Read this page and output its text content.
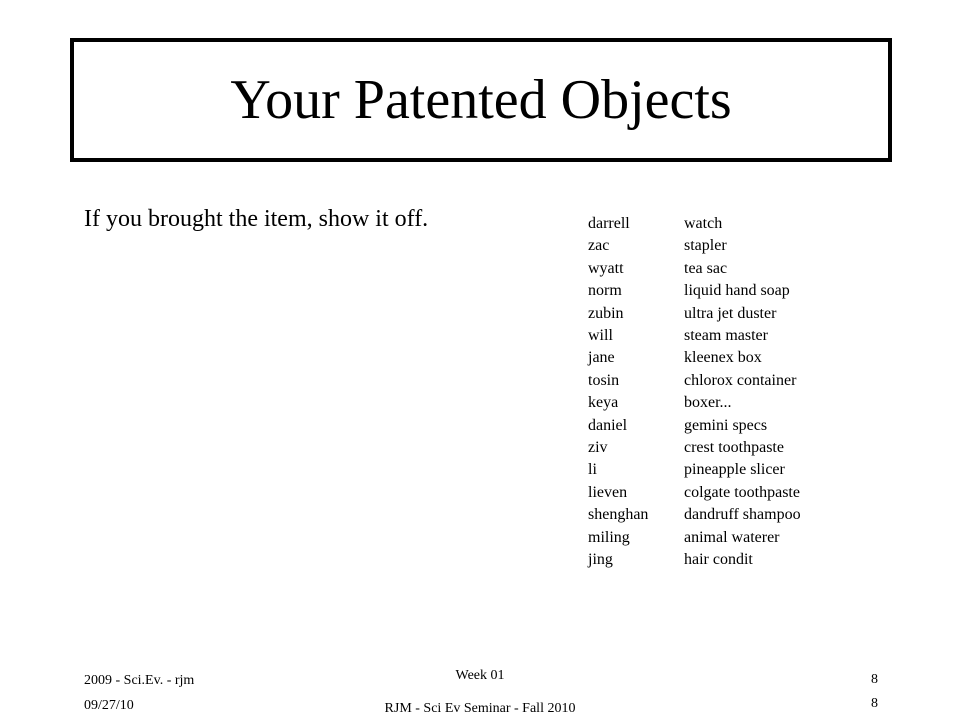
Your Patented Objects

If you brought the item, show it off.	darrell	watch
zac	stapler
wyatt	tea sac
norm	liquid hand soap
zubin	ultra jet duster
will	steam master
jane	kleenex box
tosin	chlorox container
keya	boxer...
daniel	gemini specs
ziv	crest toothpaste
li	pineapple slicer
lieven	colgate toothpaste
shenghan	dandruff shampoo
miling	animal waterer
jing	hair condit
2009 - Sci.Ev. - rjm
09/27/10
Week 01
RJM - Sci Ev Seminar - Fall 2010
8
8
